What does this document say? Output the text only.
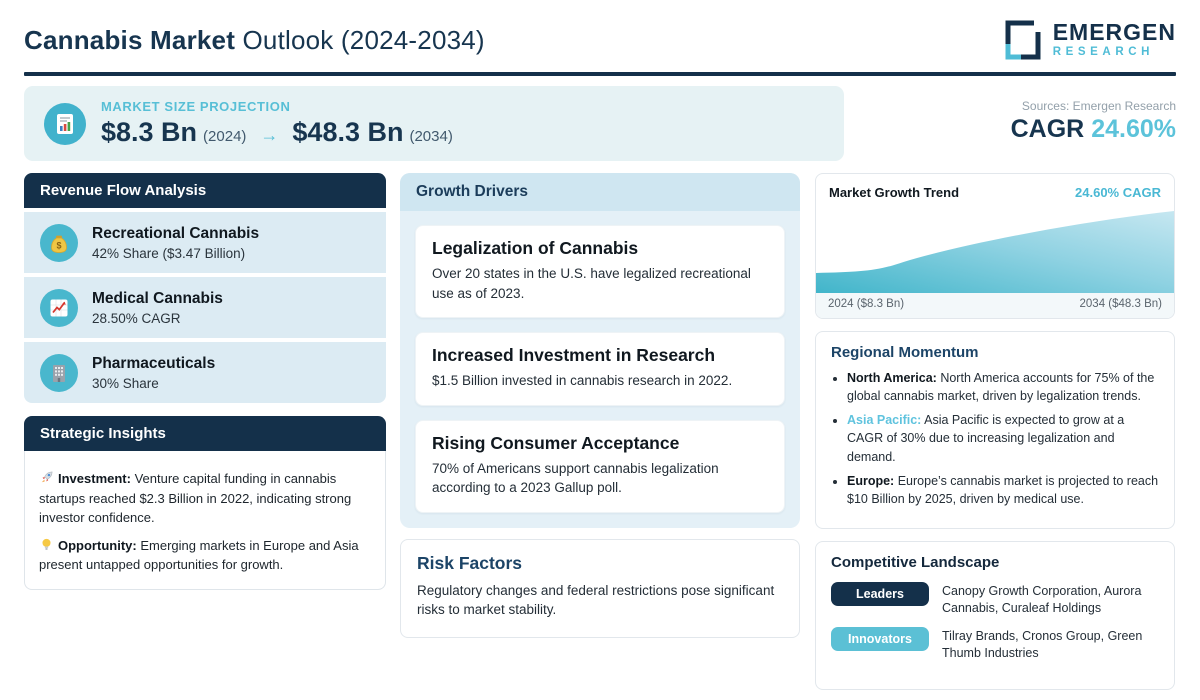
Cannabis Market Outlook (2024-2034)	EMERGEN
RESEARCH
MARKET SIZE PROJECTION
$8.3 Bn (2024) → $48.3 Bn (2034)
Sources: Emergen Research
CAGR 24.60%
Revenue Flow Analysis
$
Recreational Cannabis
42% Share ($3.47 Billion)
Medical Cannabis
28.50% CAGR
Pharmaceuticals
30% Share
Strategic Insights

Investment: Venture capital funding in cannabis startups reached $2.3 Billion in 2022, indicating strong investor confidence.

Opportunity: Emerging markets in Europe and Asia present untapped opportunities for growth.

Growth Drivers
Legalization of Cannabis
Over 20 states in the U.S. have legalized recreational use as of 2023.
Increased Investment in Research
$1.5 Billion invested in cannabis research in 2022.
Rising Consumer Acceptance
70% of Americans support cannabis legalization according to a 2023 Gallup poll.
Risk Factors
Regulatory changes and federal restrictions pose significant risks to market stability.
Market Growth Trend	24.60% CAGR
2024 ($8.3 Bn)	2034 ($48.3 Bn)
Regional Momentum
• North America: North America accounts for 75% of the global cannabis market, driven by legalization trends.
• Asia Pacific: Asia Pacific is expected to grow at a CAGR of 30% due to increasing legalization and demand.
• Europe: Europe’s cannabis market is projected to reach $10 Billion by 2025, driven by medical use.
Competitive Landscape
Leaders	Canopy Growth Corporation, Aurora Cannabis, Curaleaf Holdings
Innovators	Tilray Brands, Cronos Group, Green Thumb Industries
